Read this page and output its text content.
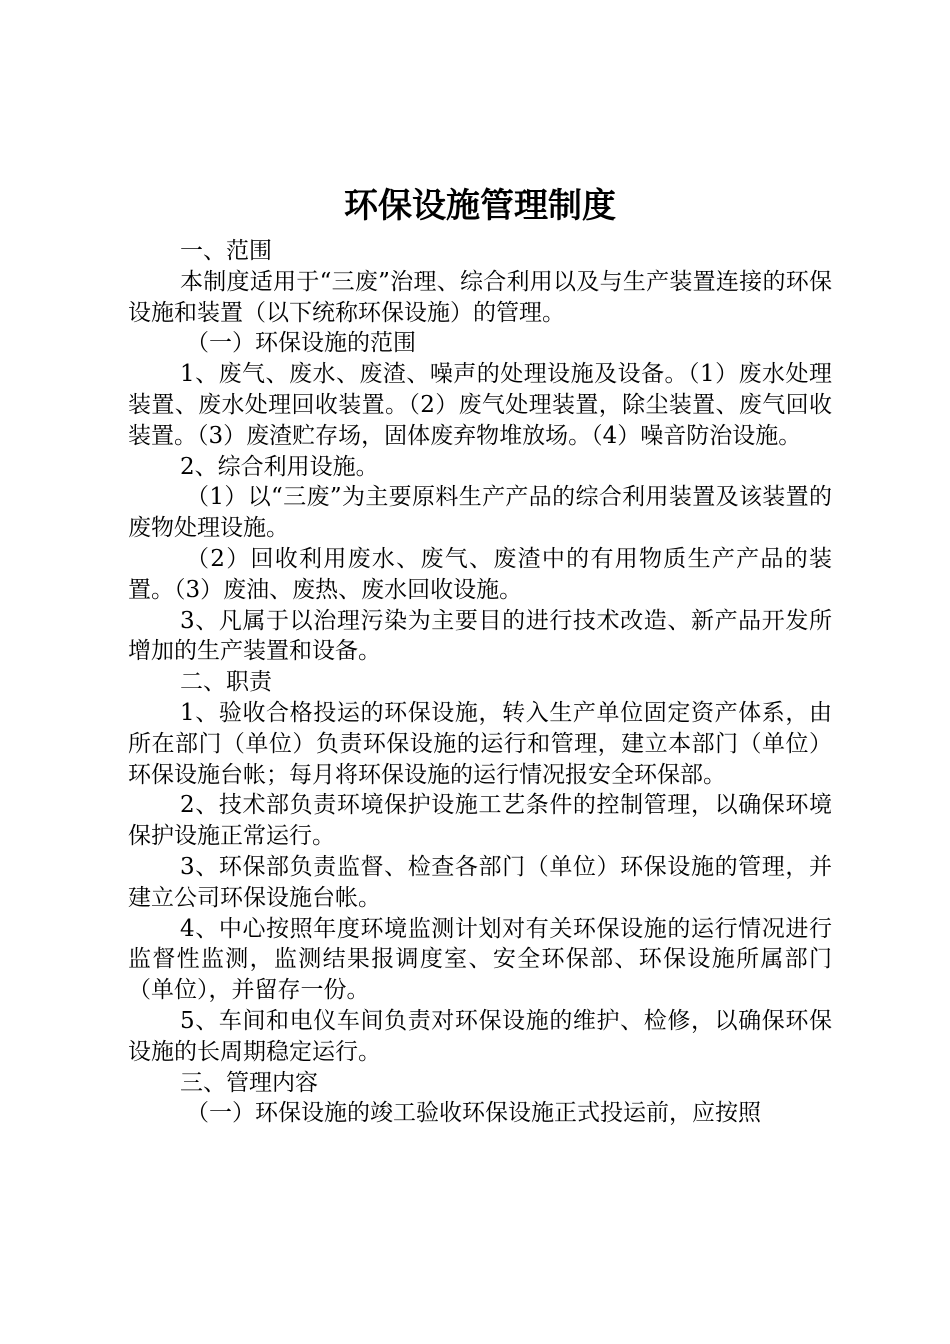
环保设施管理制度

一、范围

本制度适用于“三废”治理、综合利用以及与生产装置连接的环保设施和装置（以下统称环保设施）的管理。

（一）环保设施的范围

1、废气、废水、废渣、噪声的处理设施及设备。（1）废水处理装置、废水处理回收装置。（2）废气处理装置，除尘装置、废气回收装置。（3）废渣贮存场，固体废弃物堆放场。（4）噪音防治设施。

2、综合利用设施。

（1）以“三废”为主要原料生产产品的综合利用装置及该装置的废物处理设施。

（2）回收利用废水、废气、废渣中的有用物质生产产品的装置。（3）废油、废热、废水回收设施。

3、凡属于以治理污染为主要目的进行技术改造、新产品开发所增加的生产装置和设备。

二、职责

1、验收合格投运的环保设施，转入生产单位固定资产体系，由所在部门（单位）负责环保设施的运行和管理，建立本部门（单位）环保设施台帐；每月将环保设施的运行情况报安全环保部。

2、技术部负责环境保护设施工艺条件的控制管理，以确保环境保护设施正常运行。

3、环保部负责监督、检查各部门（单位）环保设施的管理，并建立公司环保设施台帐。

4、中心按照年度环境监测计划对有关环保设施的运行情况进行监督性监测，监测结果报调度室、安全环保部、环保设施所属部门（单位），并留存一份。

5、车间和电仪车间负责对环保设施的维护、检修，以确保环保设施的长周期稳定运行。

三、管理内容

（一）环保设施的竣工验收环保设施正式投运前，应按照
